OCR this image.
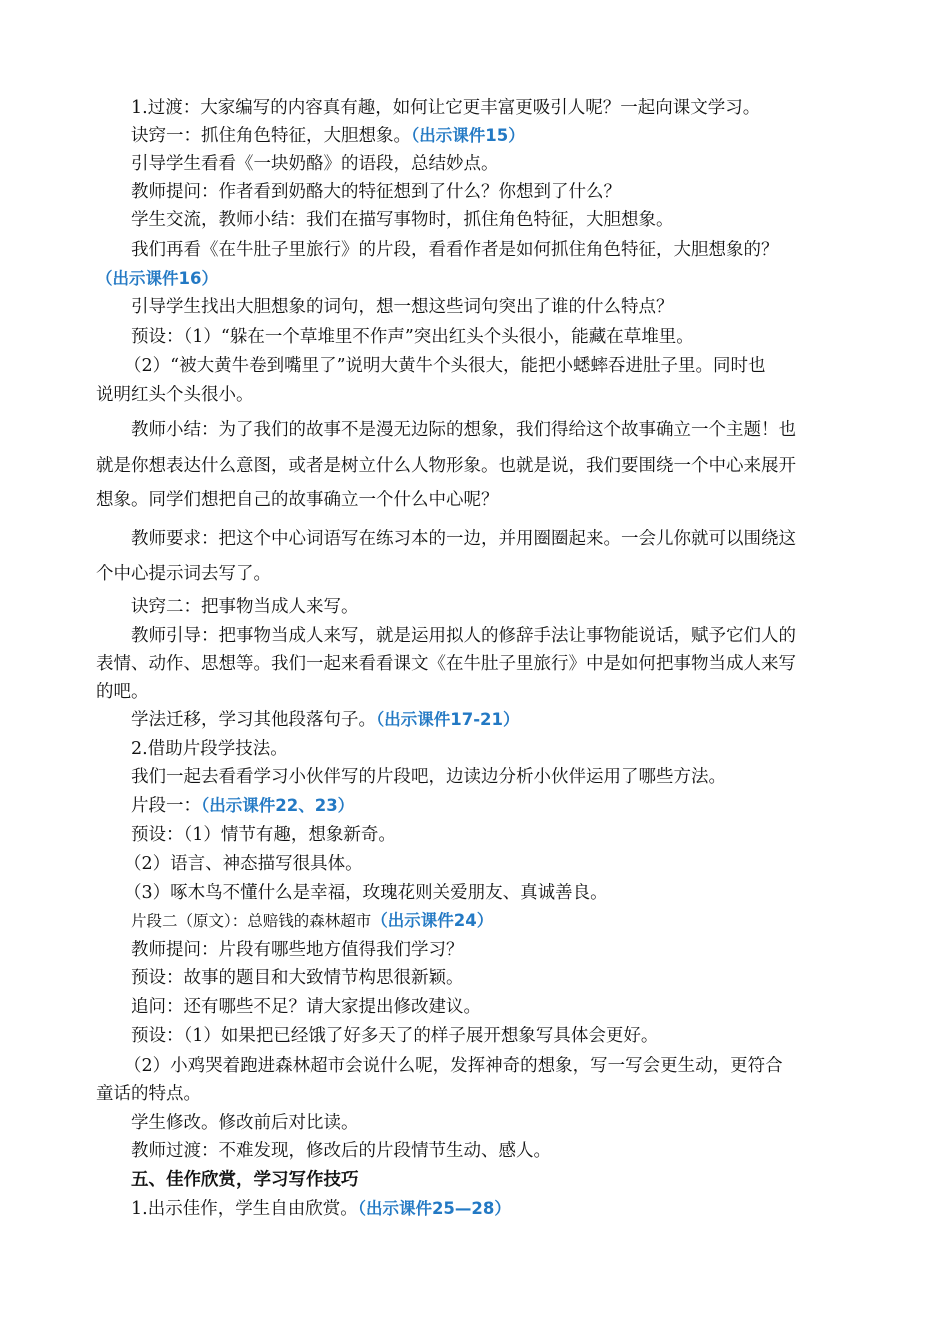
1.过渡：大家编写的内容真有趣，如何让它更丰富更吸引人呢？一起向课文学习。
诀窍一：抓住角色特征，大胆想象。（出示课件15）
引导学生看看《一块奶酪》的语段，总结妙点。
教师提问：作者看到奶酪大的特征想到了什么？你想到了什么？
学生交流，教师小结：我们在描写事物时，抓住角色特征，大胆想象。
我们再看《在牛肚子里旅行》的片段，看看作者是如何抓住角色特征，大胆想象的？
（出示课件16）
引导学生找出大胆想象的词句，想一想这些词句突出了谁的什么特点？
预设：（1）“躲在一个草堆里不作声”突出红头个头很小，能藏在草堆里。
（2）“被大黄牛卷到嘴里了”说明大黄牛个头很大，能把小蟋蟀吞进肚子里。同时也
说明红头个头很小。
教师小结：为了我们的故事不是漫无边际的想象，我们得给这个故事确立一个主题！也
就是你想表达什么意图，或者是树立什么人物形象。也就是说，我们要围绕一个中心来展开
想象。同学们想把自己的故事确立一个什么中心呢？
教师要求：把这个中心词语写在练习本的一边，并用圈圈起来。一会儿你就可以围绕这
个中心提示词去写了。
诀窍二：把事物当成人来写。
教师引导：把事物当成人来写，就是运用拟人的修辞手法让事物能说话，赋予它们人的
表情、动作、思想等。我们一起来看看课文《在牛肚子里旅行》中是如何把事物当成人来写
的吧。
学法迁移，学习其他段落句子。（出示课件17-21）
2.借助片段学技法。
我们一起去看看学习小伙伴写的片段吧，边读边分析小伙伴运用了哪些方法。
片段一：（出示课件22、23）
预设：（1）情节有趣，想象新奇。
（2）语言、神态描写很具体。
（3）啄木鸟不懂什么是幸福，玫瑰花则关爱朋友、真诚善良。
片段二（原文）：总赔钱的森林超市（出示课件24）
教师提问：片段有哪些地方值得我们学习？
预设：故事的题目和大致情节构思很新颖。
追问：还有哪些不足？请大家提出修改建议。
预设：（1）如果把已经饿了好多天了的样子展开想象写具体会更好。
（2）小鸡哭着跑进森林超市会说什么呢，发挥神奇的想象，写一写会更生动，更符合
童话的特点。
学生修改。修改前后对比读。
教师过渡：不难发现，修改后的片段情节生动、感人。
五、佳作欣赏，学习写作技巧
1.出示佳作，学生自由欣赏。（出示课件25—28）
